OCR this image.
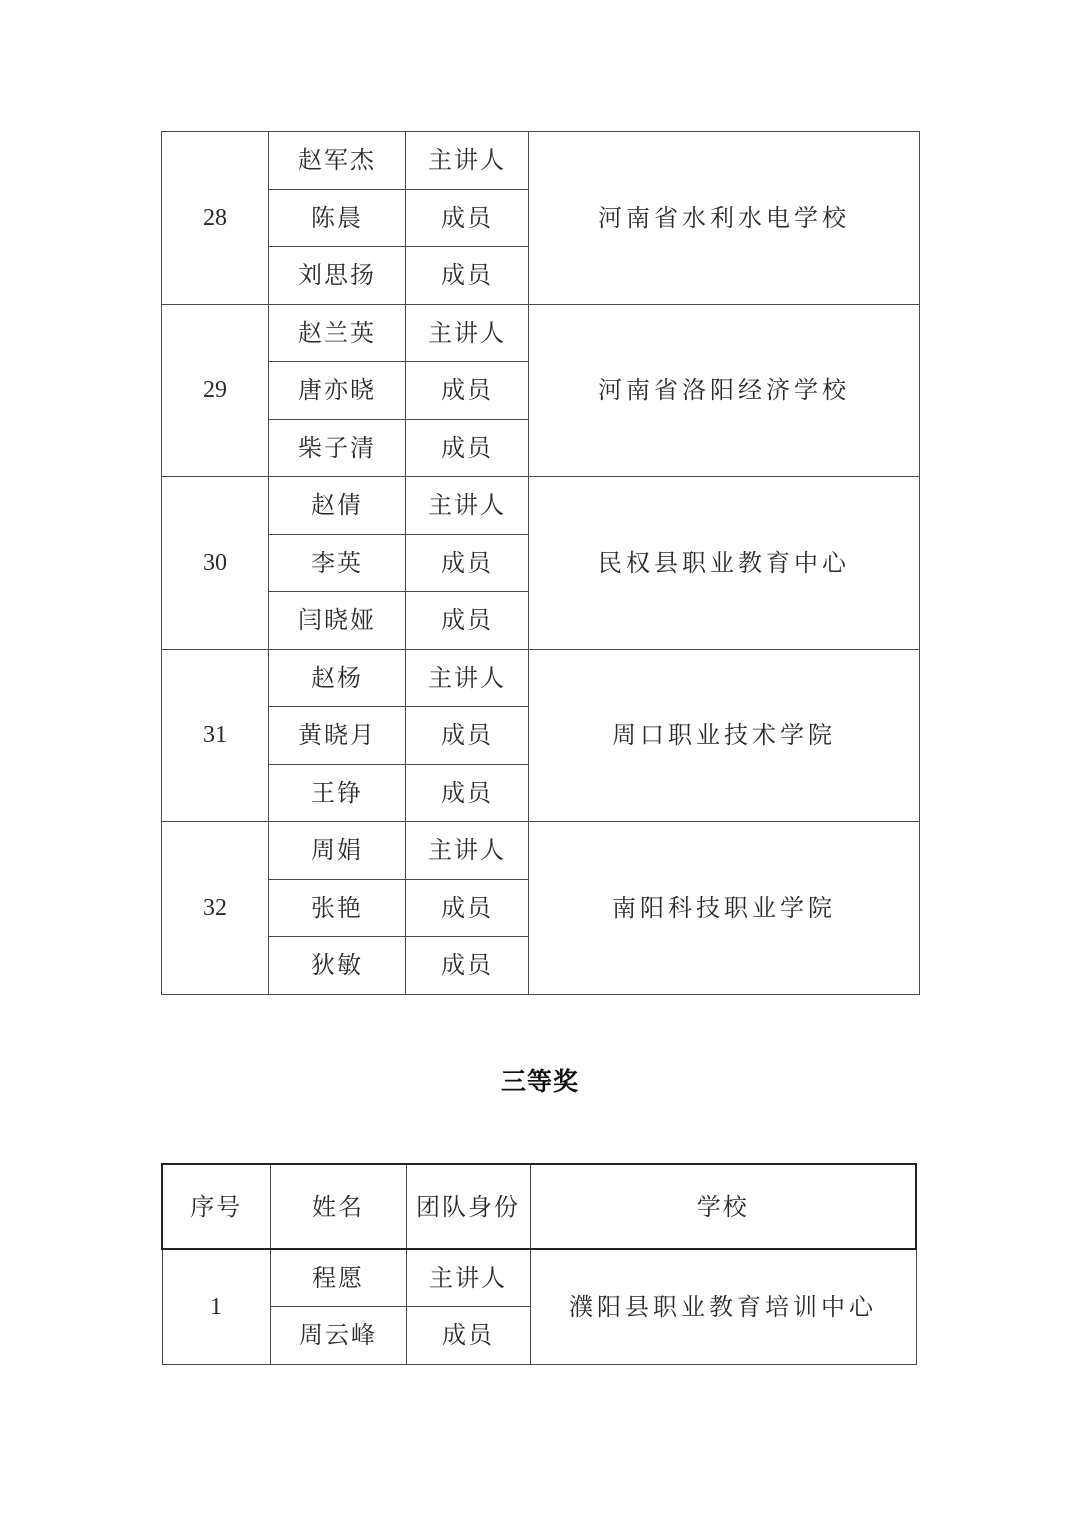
28	赵军杰	主讲人	河南省水利水电学校
	陈晨	成员	
	刘思扬	成员	
29	赵兰英	主讲人	河南省洛阳经济学校
	唐亦晓	成员	
	柴子清	成员	
30	赵倩	主讲人	民权县职业教育中心
	李英	成员	
	闫晓娅	成员	
31	赵杨	主讲人	周口职业技术学院
	黄晓月	成员	
	王铮	成员	
32	周娟	主讲人	南阳科技职业学院
	张艳	成员	
	狄敏	成员	
三等奖
序号	姓名	团队身份	学校
1	程愿	主讲人	濮阳县职业教育培训中心
	周云峰	成员	
